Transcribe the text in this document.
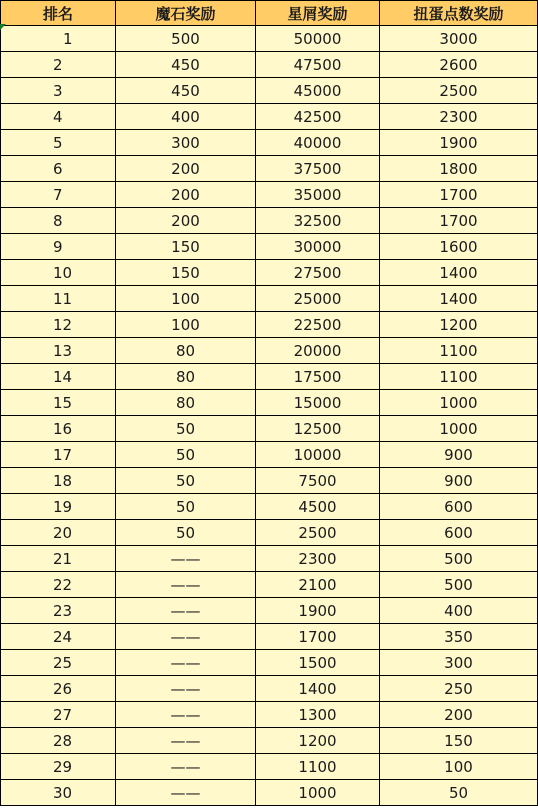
排名	魔石奖励	星屑奖励	扭蛋点数奖励
1	500	50000	3000
2	450	47500	2600
3	450	45000	2500
4	400	42500	2300
5	300	40000	1900
6	200	37500	1800
7	200	35000	1700
8	200	32500	1700
9	150	30000	1600
10	150	27500	1400
11	100	25000	1400
12	100	22500	1200
13	80	20000	1100
14	80	17500	1100
15	80	15000	1000
16	50	12500	1000
17	50	10000	900
18	50	7500	900
19	50	4500	600
20	50	2500	600
21	——	2300	500
22	——	2100	500
23	——	1900	400
24	——	1700	350
25	——	1500	300
26	——	1400	250
27	——	1300	200
28	——	1200	150
29	——	1100	100
30	——	1000	50
